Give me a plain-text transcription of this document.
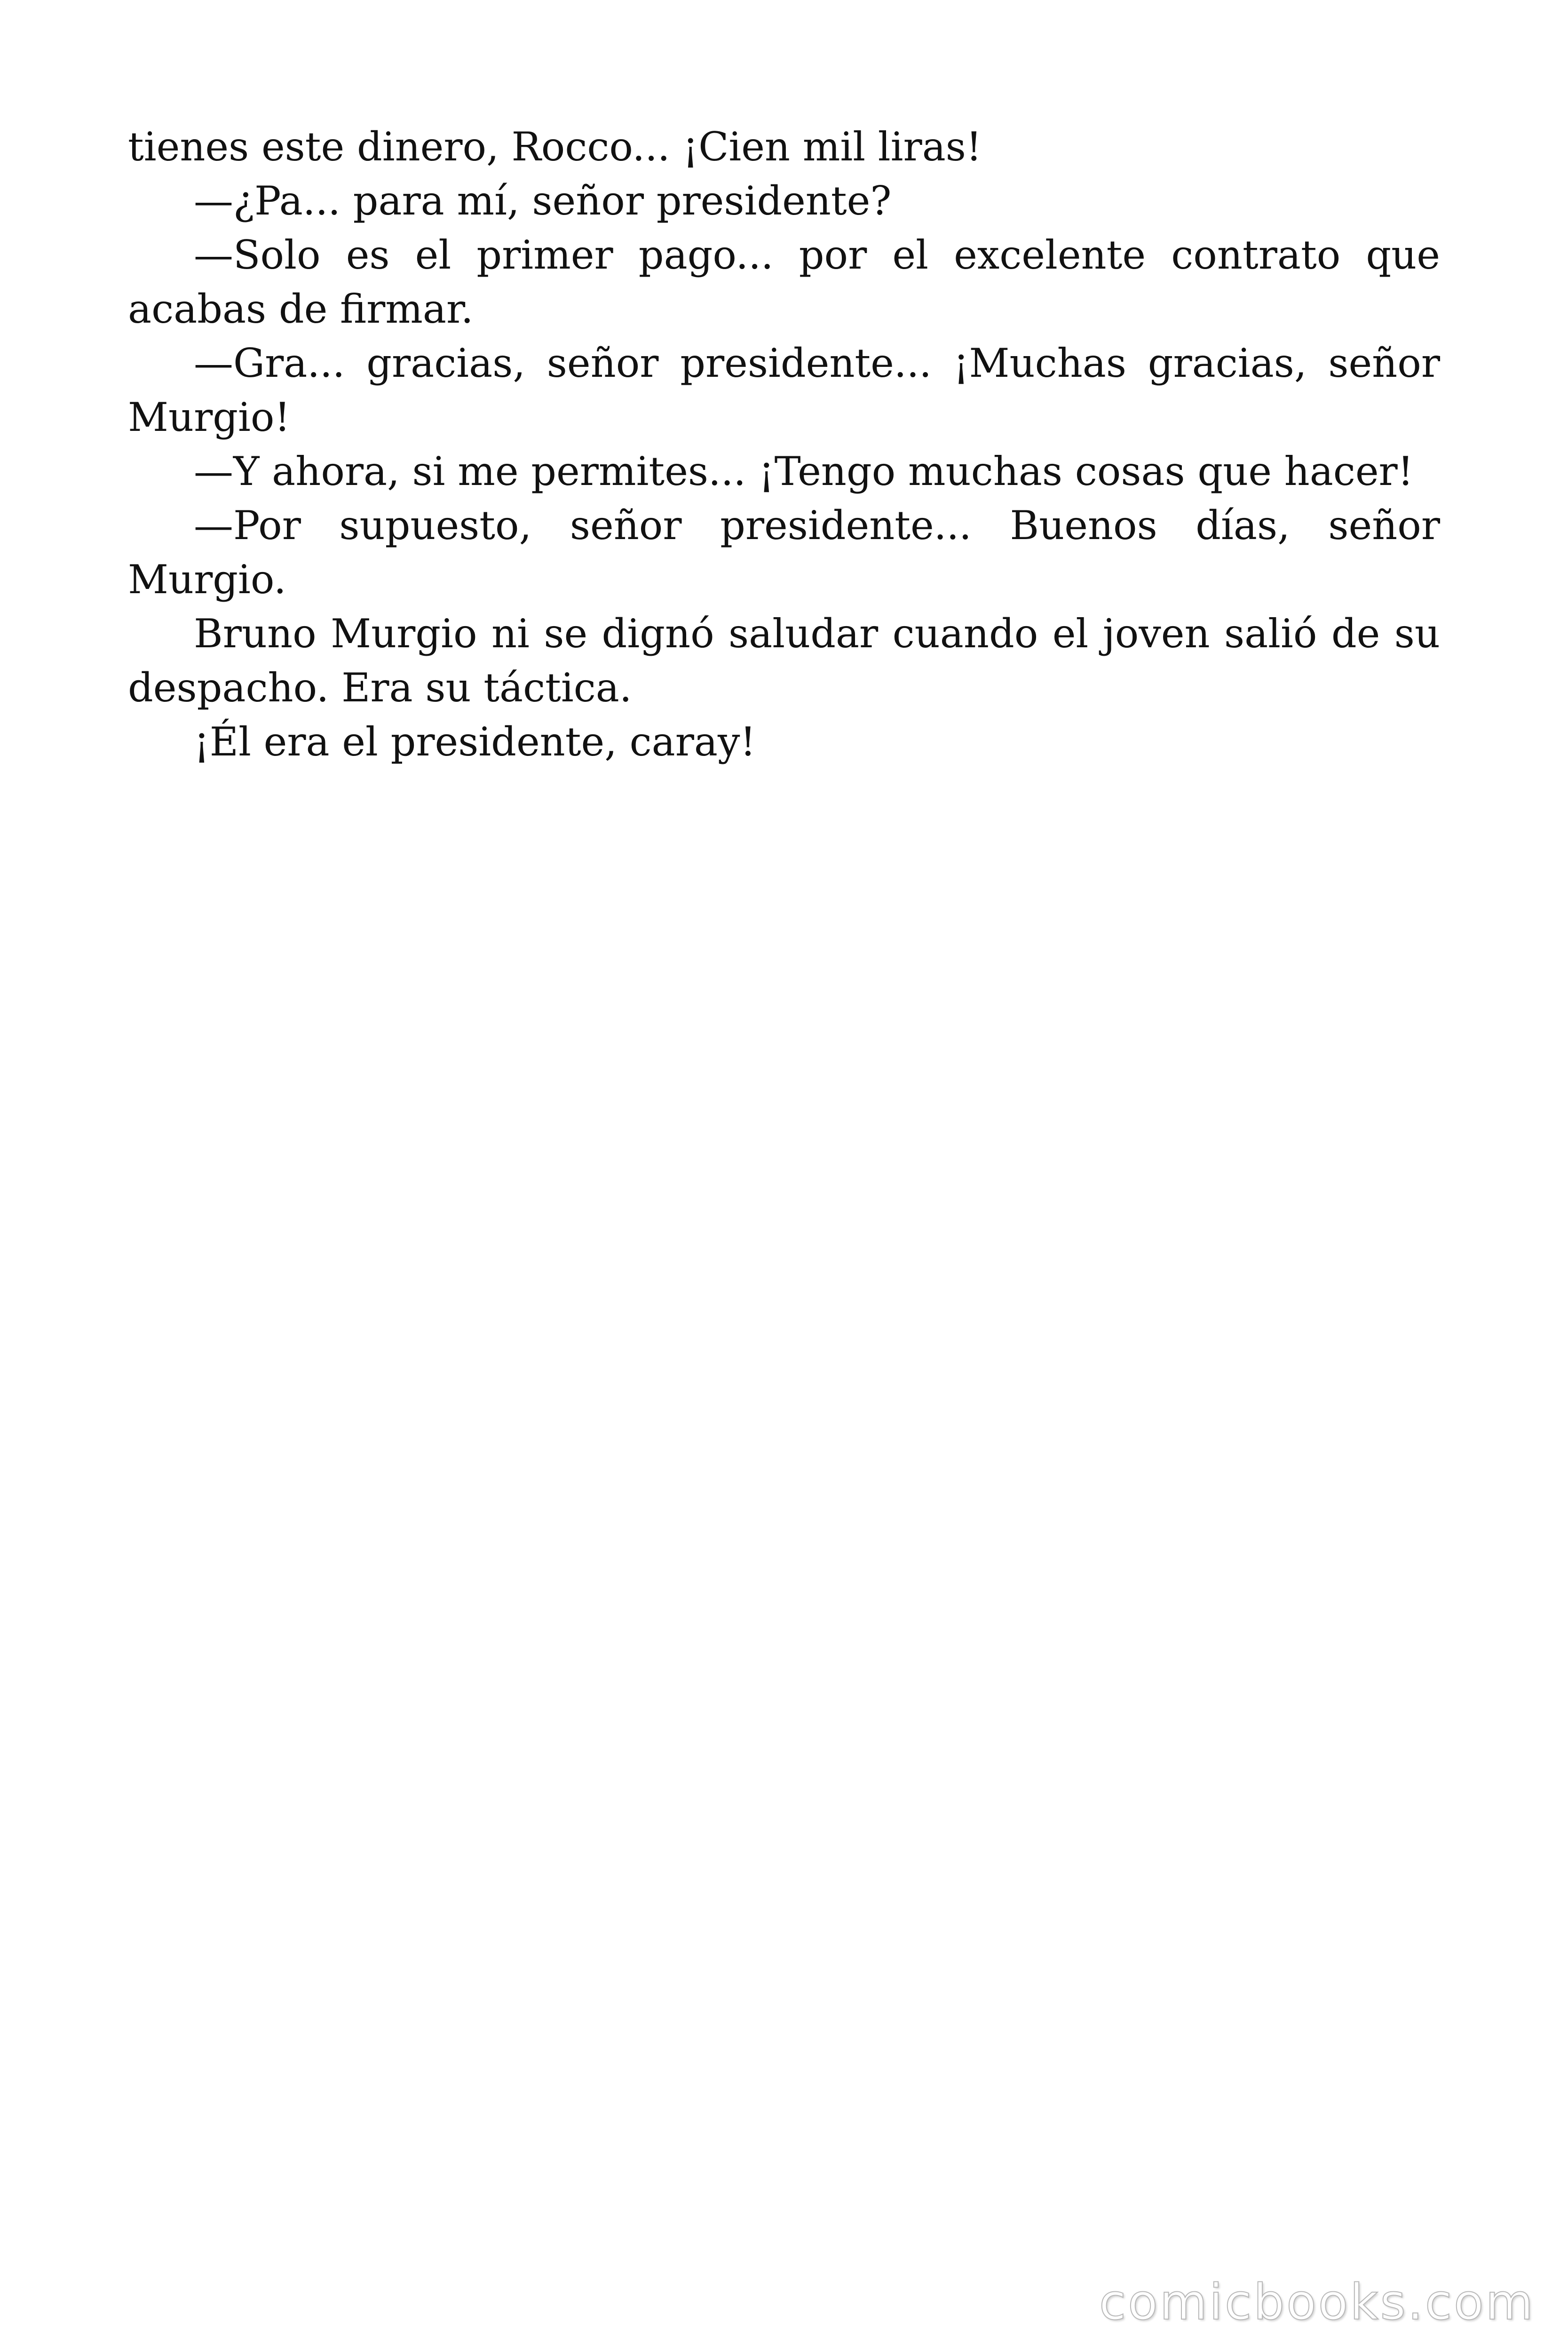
tienes este dinero, Rocco... ¡Cien mil liras!

—¿Pa... para mí, señor presidente?

—Solo es el primer pago... por el excelente contrato que acabas de firmar.

—Gra... gracias, señor presidente... ¡Muchas gracias, señor Murgio!

—Y ahora, si me permites... ¡Tengo muchas cosas que hacer!

—Por supuesto, señor presidente... Buenos días, señor Murgio.

Bruno Murgio ni se dignó saludar cuando el joven salió de su despacho. Era su táctica.

¡Él era el presidente, caray!

comicbooks.com
